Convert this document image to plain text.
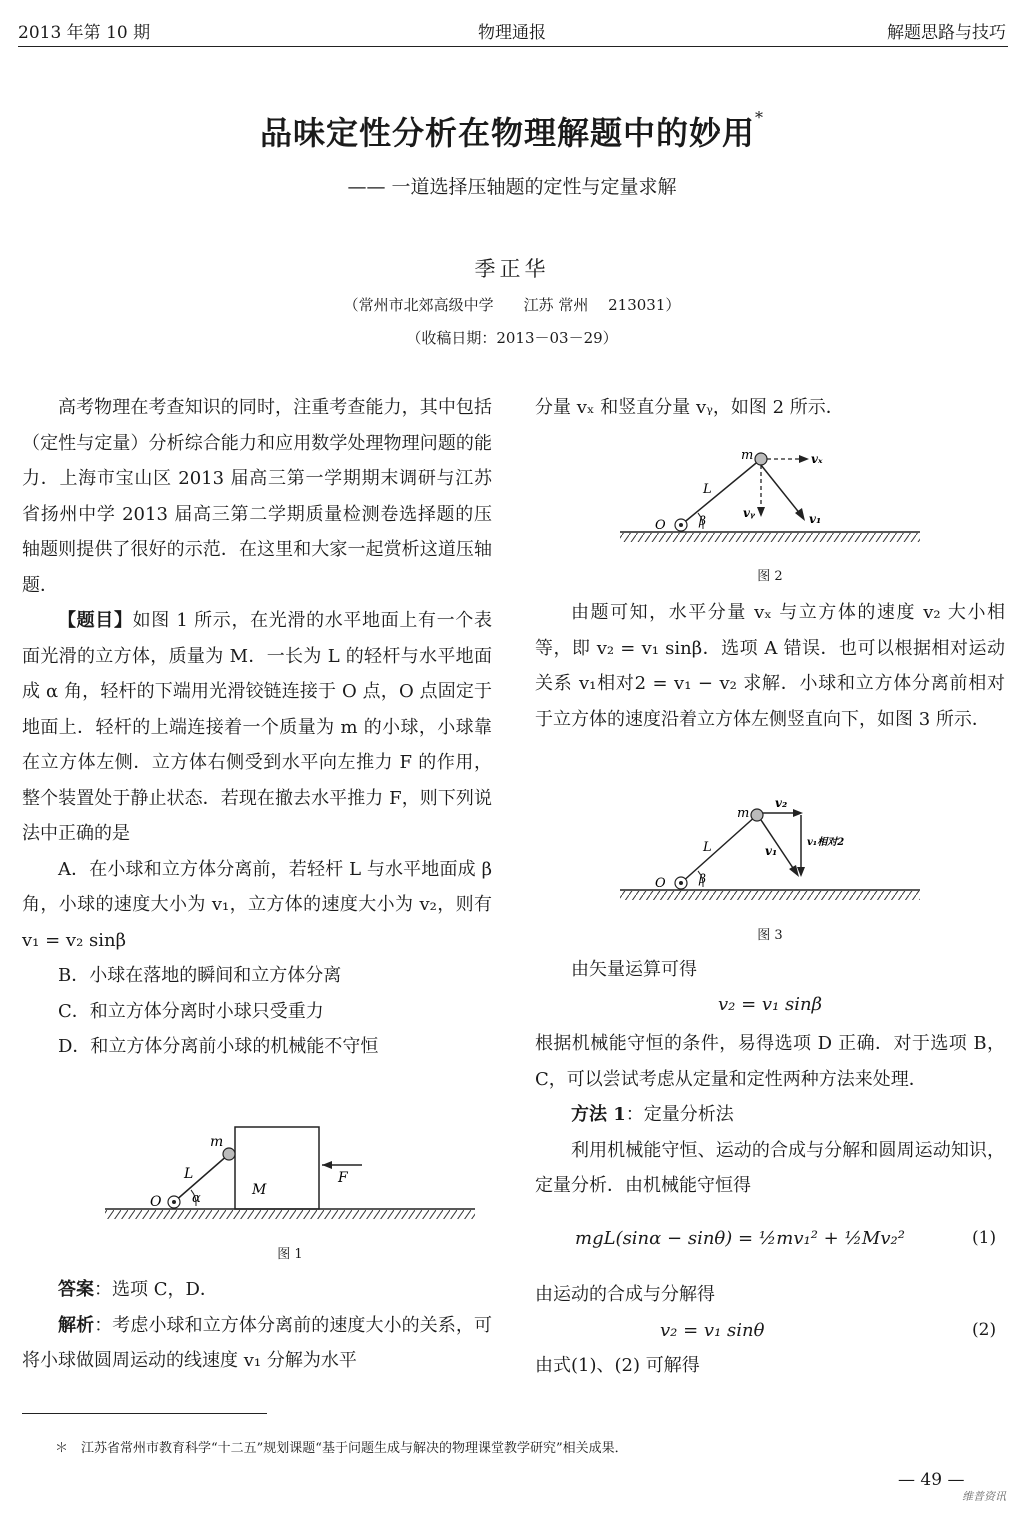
2013 年第 10 期	物理通报	解题思路与技巧
品味定性分析在物理解题中的妙用*
—— 一道选择压轴题的定性与定量求解
季正华
（常州市北郊高级中学　　江苏 常州　 213031）
（收稿日期：2013－03－29）

高考物理在考查知识的同时，注重考查能力，其中包括（定性与定量）分析综合能力和应用数学处理物理问题的能力．上海市宝山区 2013 届高三第一学期期末调研与江苏省扬州中学 2013 届高三第二学期质量检测卷选择题的压轴题则提供了很好的示范．在这里和大家一起赏析这道压轴题．

【题目】如图 1 所示，在光滑的水平地面上有一个表面光滑的立方体，质量为 M．一长为 L 的轻杆与水平地面成 α 角，轻杆的下端用光滑铰链连接于 O 点，O 点固定于地面上．轻杆的上端连接着一个质量为 m 的小球，小球靠在立方体左侧．立方体右侧受到水平向左推力 F 的作用，整个装置处于静止状态．若现在撤去水平推力 F，则下列说法中正确的是

A．在小球和立方体分离前，若轻杆 L 与水平地面成 β 角，小球的速度大小为 v₁，立方体的速度大小为 v₂，则有 v₁ = v₂ sinβ

B．小球在落地的瞬间和立方体分离

C．和立方体分离时小球只受重力

D．和立方体分离前小球的机械能不守恒

m
L
O α
M
F
图 1

答案：选项 C，D．

解析：考虑小球和立方体分离前的速度大小的关系，可将小球做圆周运动的线速度 v₁ 分解为水平

分量 vₓ 和竖直分量 vᵧ，如图 2 所示．
m
L
O	β
vₓ
vᵧ	v₁
图 2

由题可知，水平分量 vₓ 与立方体的速度 v₂ 大小相等，即 v₂ = v₁ sinβ．选项 A 错误．也可以根据相对运动关系 v₁相对2 = v₁ − v₂ 求解．小球和立方体分离前相对于立方体的速度沿着立方体左侧竖直向下，如图 3 所示．

m
L
O	β
v₂
v₁
v₁相对2
图 3

由矢量运算可得

v₂ = v₁ sinβ

根据机械能守恒的条件，易得选项 D 正确．对于选项 B，C，可以尝试考虑从定量和定性两种方法来处理．

方法 1：定量分析法

利用机械能守恒、运动的合成与分解和圆周运动知识，定量分析．由机械能守恒得

mgL(sinα − sinθ) = ½mv₁² + ½Mv₂²	(1)

由运动的合成与分解得

v₂ = v₁ sinθ	(2)

由式(1)、(2) 可解得

＊　江苏省常州市教育科学“十二五”规划课题“基于问题生成与解决的物理课堂教学研究”相关成果．
— 49 —
维普资讯
